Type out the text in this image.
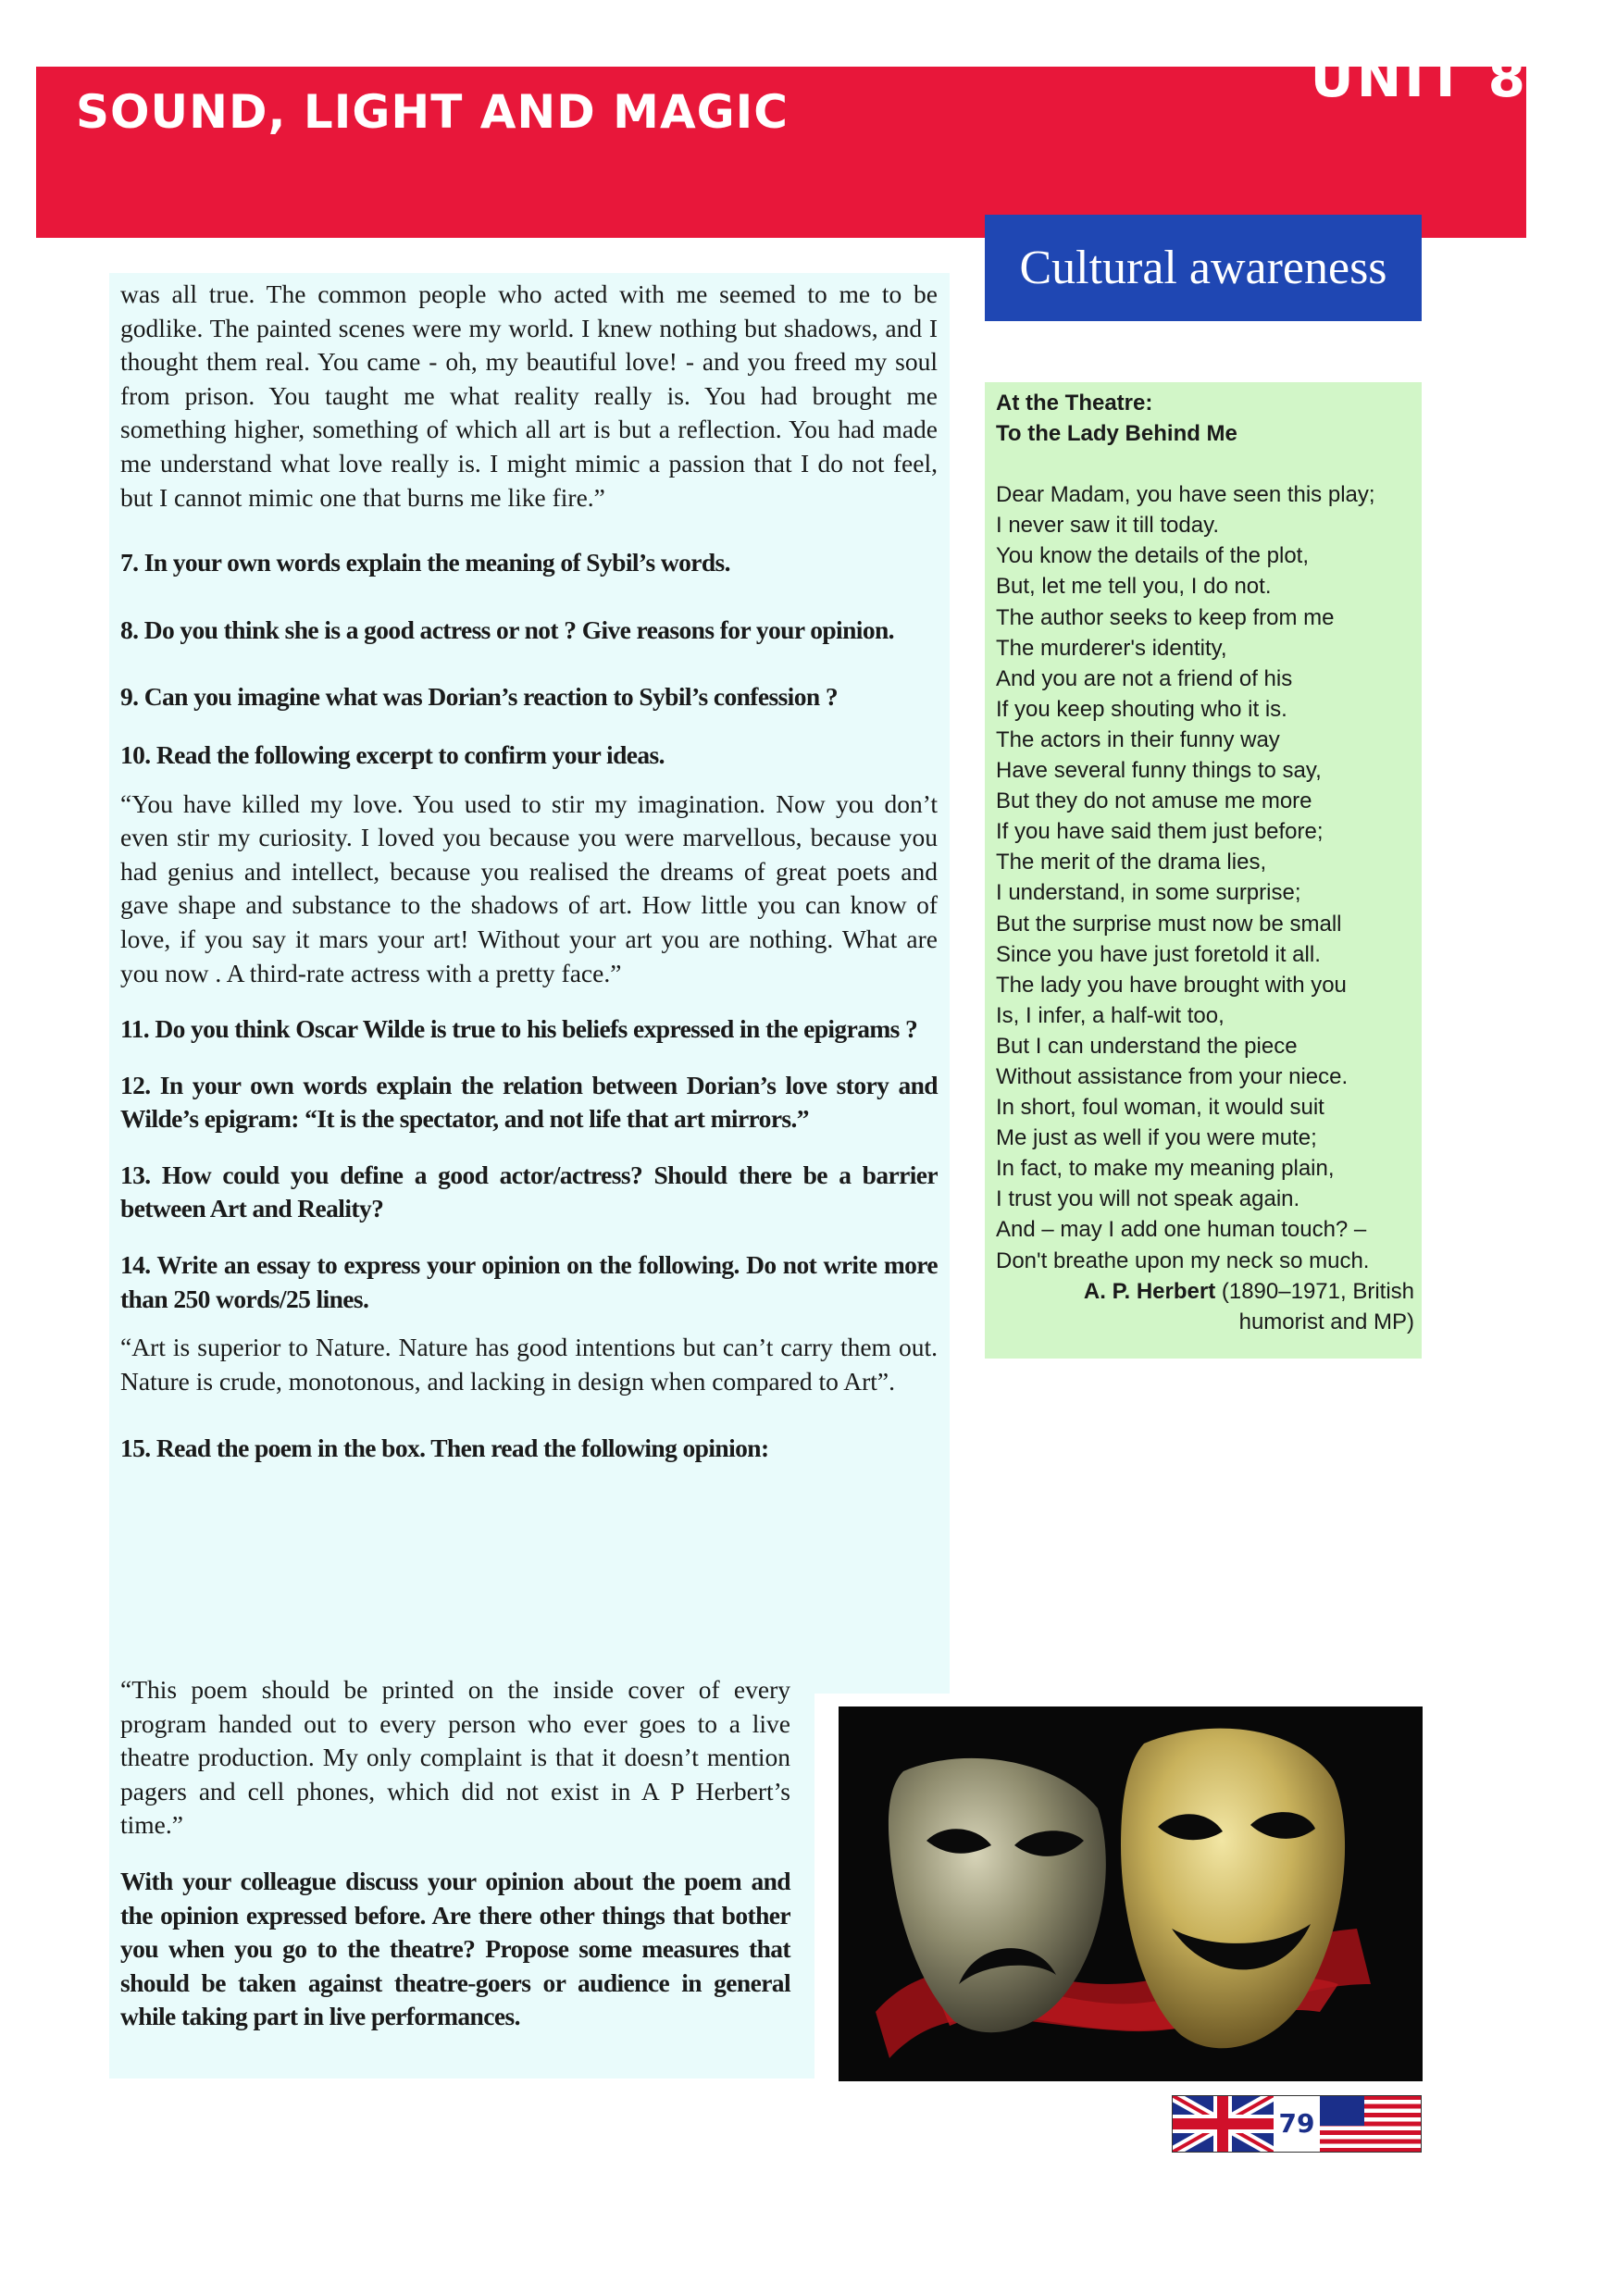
SOUND, LIGHT AND MAGIC
UNIT 8
Cultural awareness

was all true. The common people who acted with me seemed to me to be godlike. The painted scenes were my world. I knew nothing but shadows, and I thought them real. You came - oh, my beautiful love! - and you freed my soul from prison. You taught me what reality really is. You had brought me something higher, something of which all art is but a reflection. You had made me understand what love really is. I might mimic a passion that I do not feel, but I cannot mimic one that burns me like fire.”

7. In your own words explain the meaning of Sybil’s words.

8. Do you think she is a good actress or not ? Give reasons for your opinion.

9. Can you imagine what was Dorian’s reaction to Sybil’s confession ?

10. Read the following excerpt to confirm your ideas.

“You have killed my love. You used to stir my imagination. Now you don’t even stir my curiosity. I loved you because you were marvellous, because you had genius and intellect, because you realised the dreams of great poets and gave shape and substance to the shadows of art. How little you can know of love, if you say it mars your art! Without your art you are nothing. What are you now . A third-rate actress with a pretty face.”

11. Do you think Oscar Wilde is true to his beliefs expressed in the epigrams ?

12. In your own words explain the relation between Dorian’s love story and Wilde’s epigram: “It is the spectator, and not life that art mirrors.”

13. How could you define a good actor/actress? Should there be a barrier between Art and Reality?

14. Write an essay to express your opinion on the following. Do not write more than 250 words/25 lines.

“Art is superior to Nature. Nature has good intentions but can’t carry them out. Nature is crude, monotonous, and lacking in design when compared to Art”.

15. Read the poem in the box. Then read the following opinion:

“This poem should be printed on the inside cover of every program handed out to every person who ever goes to a live theatre production. My only complaint is that it doesn’t mention pagers and cell phones, which did not exist in A P Herbert’s time.”

With your colleague discuss your opinion about the poem and the opinion expressed before. Are there other things that bother you when you go to the theatre? Propose some measures that should be taken against theatre-goers or audience in general while taking part in live performances.

At the Theatre:
To the Lady Behind Me
Dear Madam, you have seen this play;
I never saw it till today.
You know the details of the plot,
But, let me tell you, I do not.
The author seeks to keep from me
The murderer's identity,
And you are not a friend of his
If you keep shouting who it is.
The actors in their funny way
Have several funny things to say,
But they do not amuse me more
If you have said them just before;
The merit of the drama lies,
I understand, in some surprise;
But the surprise must now be small
Since you have just foretold it all.
The lady you have brought with you
Is, I infer, a half-wit too,
But I can understand the piece
Without assistance from your niece.
In short, foul woman, it would suit
Me just as well if you were mute;
In fact, to make my meaning plain,
I trust you will not speak again.
And – may I add one human touch? –
Don't breathe upon my neck so much.
A. P. Herbert (1890–1971, British
humorist and MP)
79
